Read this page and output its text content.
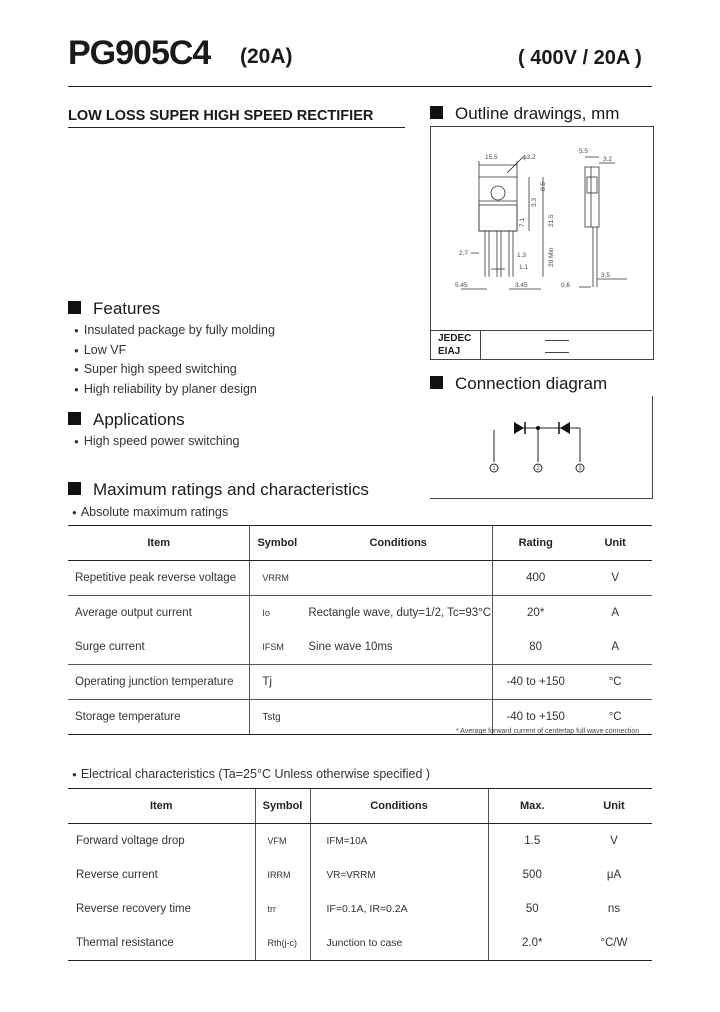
PG905C4 (20A)	( 400V / 20A )
LOW LOSS SUPER HIGH SPEED RECTIFIER	Outline drawings, mm
15.5	ϕ3.2
5.5
3.2
8.5
3.3
7.1	21.5
20 Min
1.3
1.1
2.7
5.45	3.45	0.6
3.5
JEDEC
EIAJ
Features
● Insulated package by fully molding
● Low VF
● Super high speed switching
● High reliability by planer design
Applications
● High speed power switching
Connection diagram
1	2	3
Maximum ratings and characteristics
● Absolute maximum ratings
Item	Symbol	Conditions	Rating	Unit
Repetitive peak reverse voltage	VRRM		400	V
Average output current	Io	Rectangle wave, duty=1/2, Tc=93°C	20*	A
Surge current	IFSM	Sine wave 10ms	80	A
Operating junction temperature	Tj		-40 to +150	°C
Storage temperature	Tstg		-40 to +150	°C
* Average forward current of centertap full wave connection
● Electrical characteristics (Ta=25°C Unless otherwise specified )
Item	Symbol	Conditions	Max.	Unit
Forward voltage drop	VFM	IFM=10A	1.5	V
Reverse current	IRRM	VR=VRRM	500	μA
Reverse recovery time	trr	IF=0.1A, IR=0.2A	50	ns
Thermal resistance	Rth(j-c)	Junction to case	2.0*	°C/W
